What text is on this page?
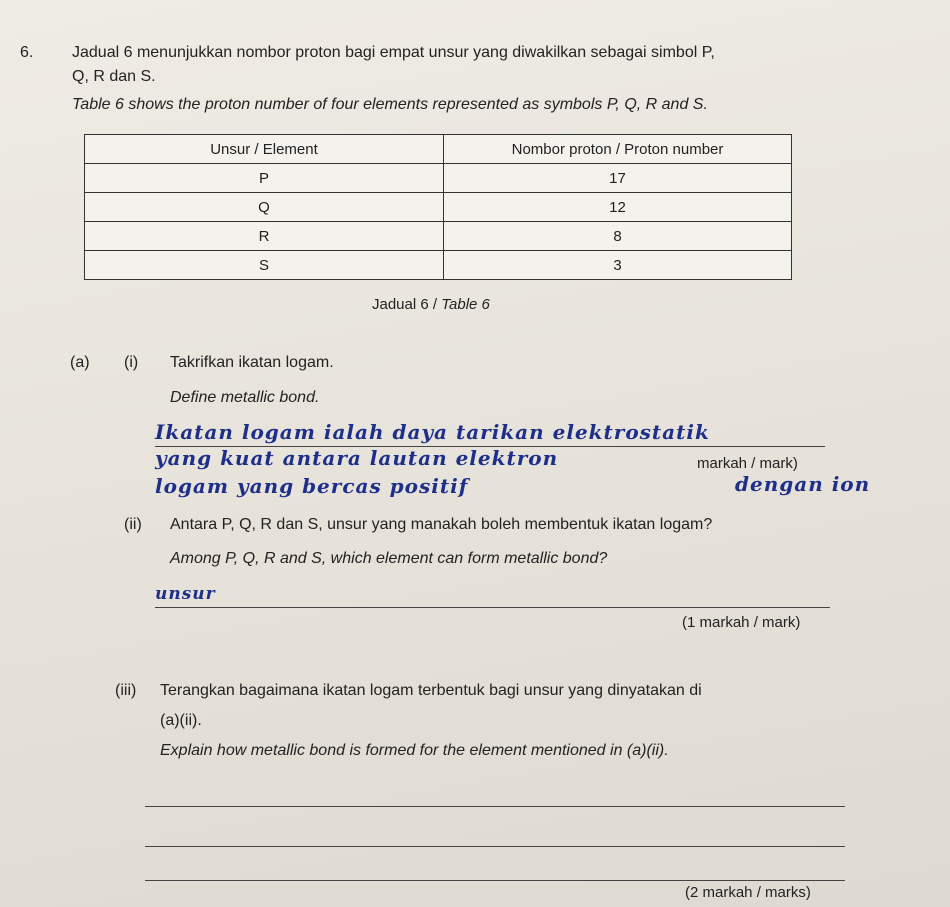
6. Jadual 6 menunjukkan nombor proton bagi empat unsur yang diwakilkan sebagai simbol P,
Q, R dan S.
Table 6 shows the proton number of four elements represented as symbols P, Q, R and S.
Unsur / Element	Nombor proton / Proton number
P	17
Q	12
R	8
S	3
Jadual 6 / Table 6
(a) (i) Takrifkan ikatan logam.
Define metallic bond.
Ikatan logam ialah daya tarikan elektrostatik
yang kuat antara lautan elektron	markah / mark)
logam yang bercas positif	dengan ion
(ii) Antara P, Q, R dan S, unsur yang manakah boleh membentuk ikatan logam?
Among P, Q, R and S, which element can form metallic bond?
unsur
(1 markah / mark)
(iii) Terangkan bagaimana ikatan logam terbentuk bagi unsur yang dinyatakan di
(a)(ii).
Explain how metallic bond is formed for the element mentioned in (a)(ii).
(2 markah / marks)
